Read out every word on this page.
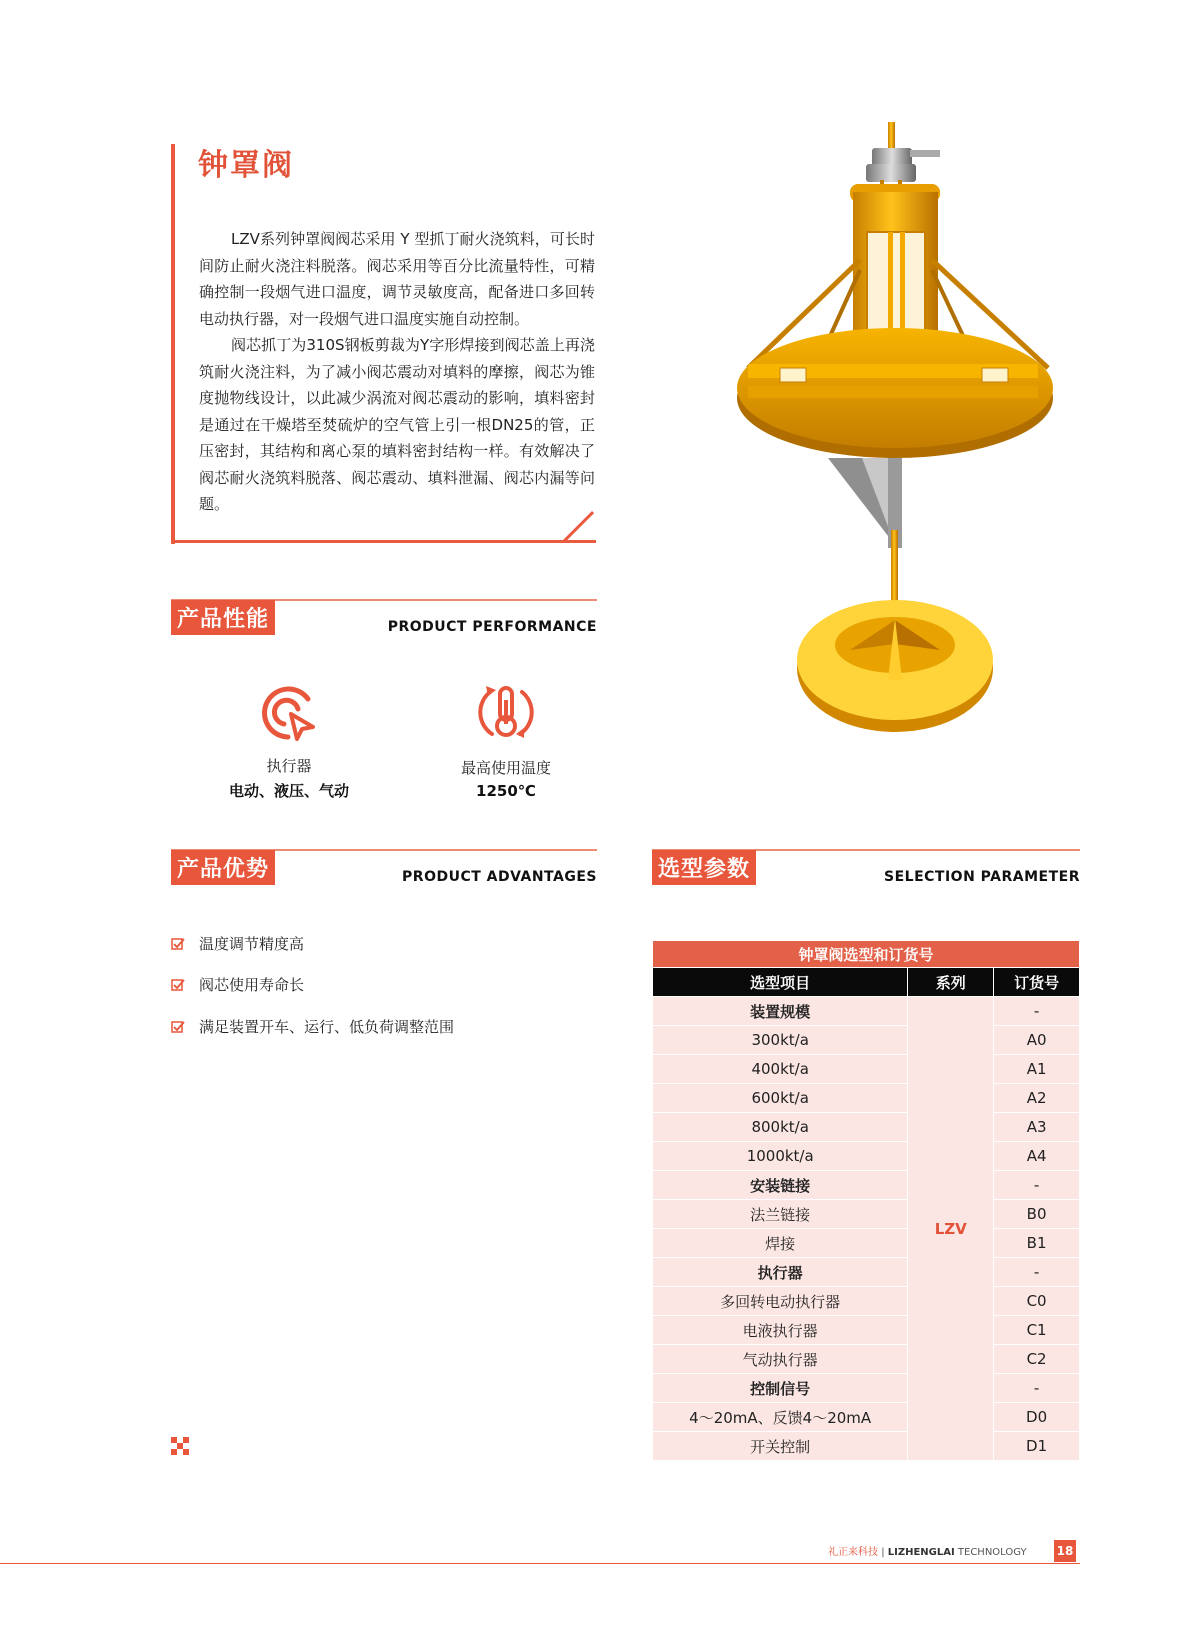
钟罩阀

LZV系列钟罩阀阀芯采用 Y 型抓丁耐火浇筑料，可长时间防止耐火浇注料脱落。阀芯采用等百分比流量特性，可精确控制一段烟气进口温度，调节灵敏度高，配备进口多回转电动执行器，对一段烟气进口温度实施自动控制。

阀芯抓丁为310S钢板剪裁为Y字形焊接到阀芯盖上再浇筑耐火浇注料，为了减小阀芯震动对填料的摩擦，阀芯为锥度抛物线设计，以此减少涡流对阀芯震动的影响，填料密封是通过在干燥塔至焚硫炉的空气管上引一根DN25的管，正压密封，其结构和离心泵的填料密封结构一样。有效解决了阀芯耐火浇筑料脱落、阀芯震动、填料泄漏、阀芯内漏等问题。

产品性能	PRODUCT PERFORMANCE
执行器
电动、液压、气动
最高使用温度
1250℃
产品优势	PRODUCT ADVANTAGES
温度调节精度高
阀芯使用寿命长
满足装置开车、运行、低负荷调整范围
选型参数	SELECTION PARAMETER
钟罩阀选型和订货号		
选型项目	系列	订货号
装置规模	LZV	-
300kt/a		A0
400kt/a		A1
600kt/a		A2
800kt/a		A3
1000kt/a		A4
安装链接		-
法兰链接		B0
焊接		B1
执行器		-
多回转电动执行器		C0
电液执行器		C1
气动执行器		C2
控制信号		-
4～20mA、反馈4～20mA		D0
开关控制		D1
礼正来科技 | LIZHENGLAI TECHNOLOGY	18
